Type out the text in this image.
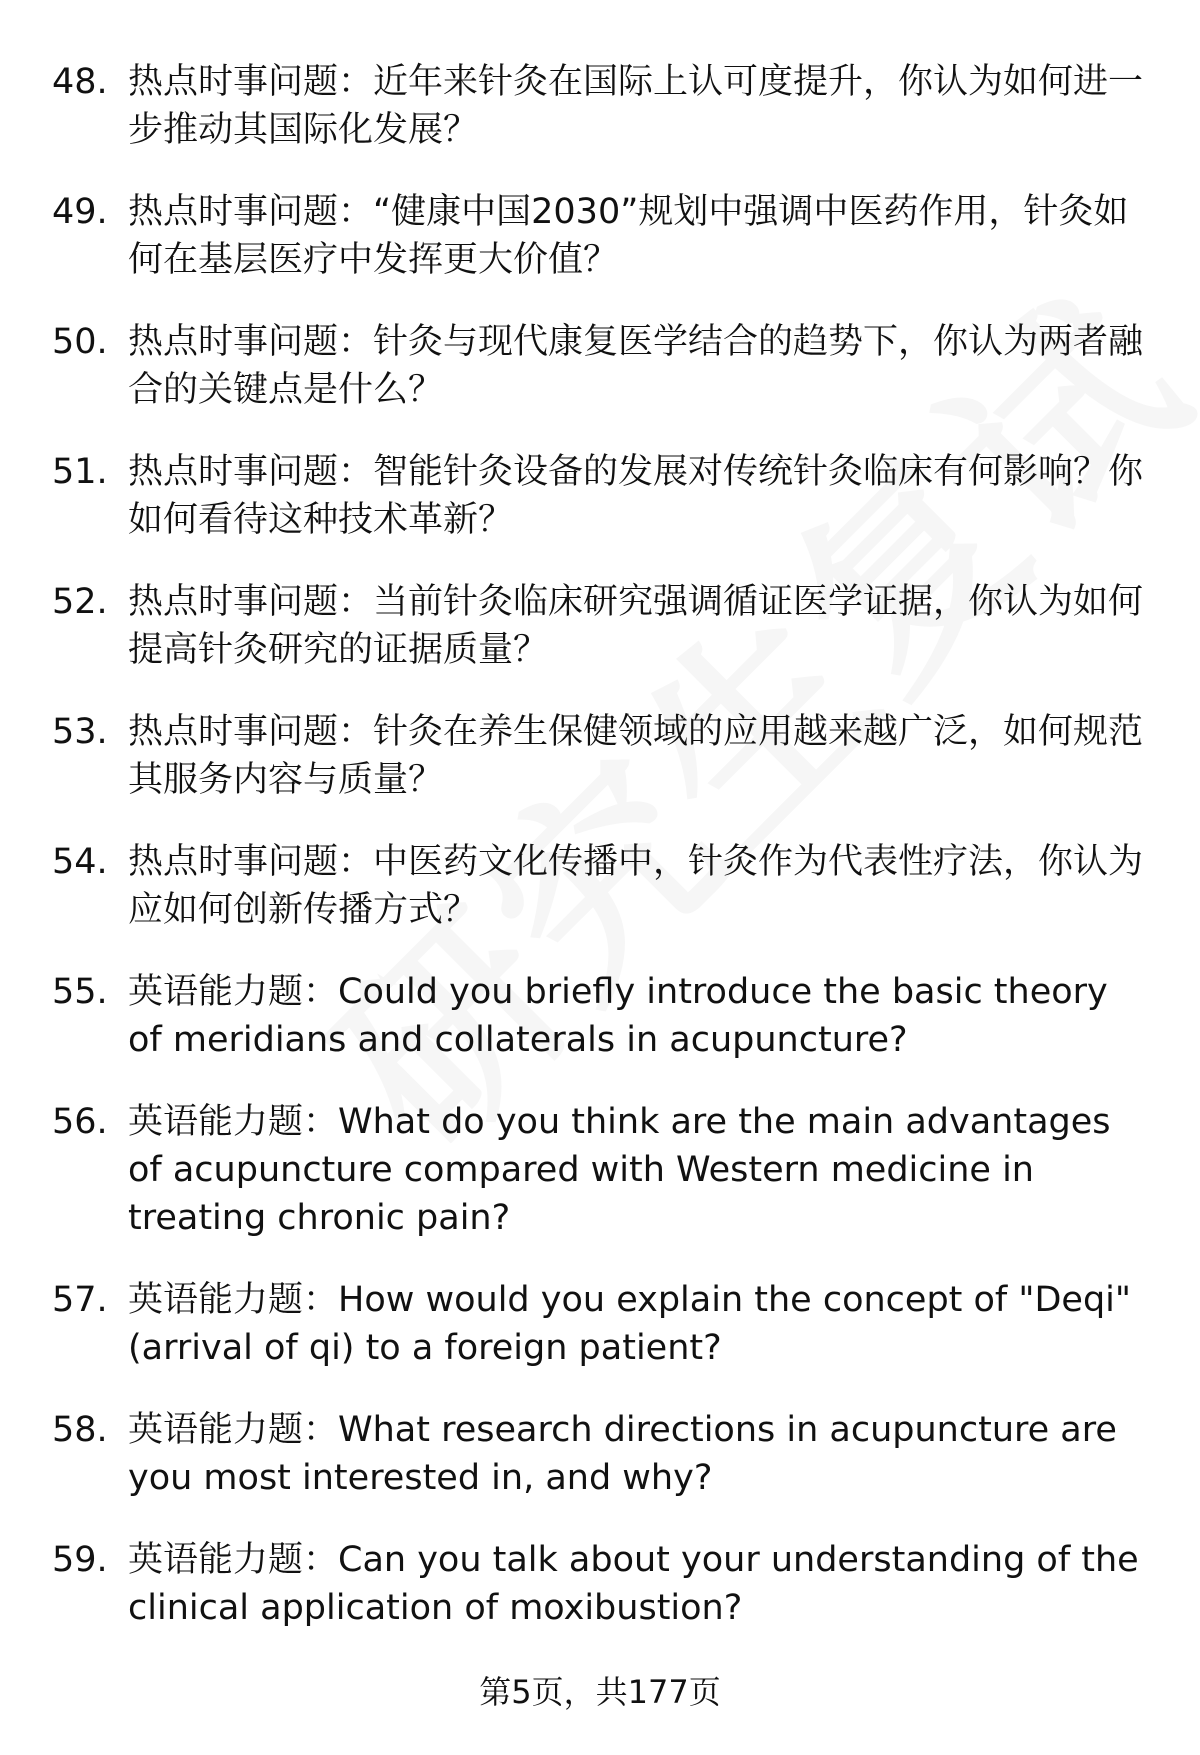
48. 热点时事问题：近年来针灸在国际上认可度提升，你认为如何进一步推动其国际化发展？
49. 热点时事问题：“健康中国2030”规划中强调中医药作用，针灸如何在基层医疗中发挥更大价值？
50. 热点时事问题：针灸与现代康复医学结合的趋势下，你认为两者融合的关键点是什么？
51. 热点时事问题：智能针灸设备的发展对传统针灸临床有何影响？你如何看待这种技术革新？
52. 热点时事问题：当前针灸临床研究强调循证医学证据，你认为如何提高针灸研究的证据质量？
53. 热点时事问题：针灸在养生保健领域的应用越来越广泛，如何规范其服务内容与质量？
54. 热点时事问题：中医药文化传播中，针灸作为代表性疗法，你认为应如何创新传播方式？
55. 英语能力题：Could you briefly introduce the basic theory of meridians and collaterals in acupuncture?
56. 英语能力题：What do you think are the main advantages of acupuncture compared with Western medicine in treating chronic pain?
57. 英语能力题：How would you explain the concept of "Deqi" (arrival of qi) to a foreign patient?
58. 英语能力题：What research directions in acupuncture are you most interested in, and why?
59. 英语能力题：Can you talk about your understanding of the clinical application of moxibustion?
第5页，共177页
